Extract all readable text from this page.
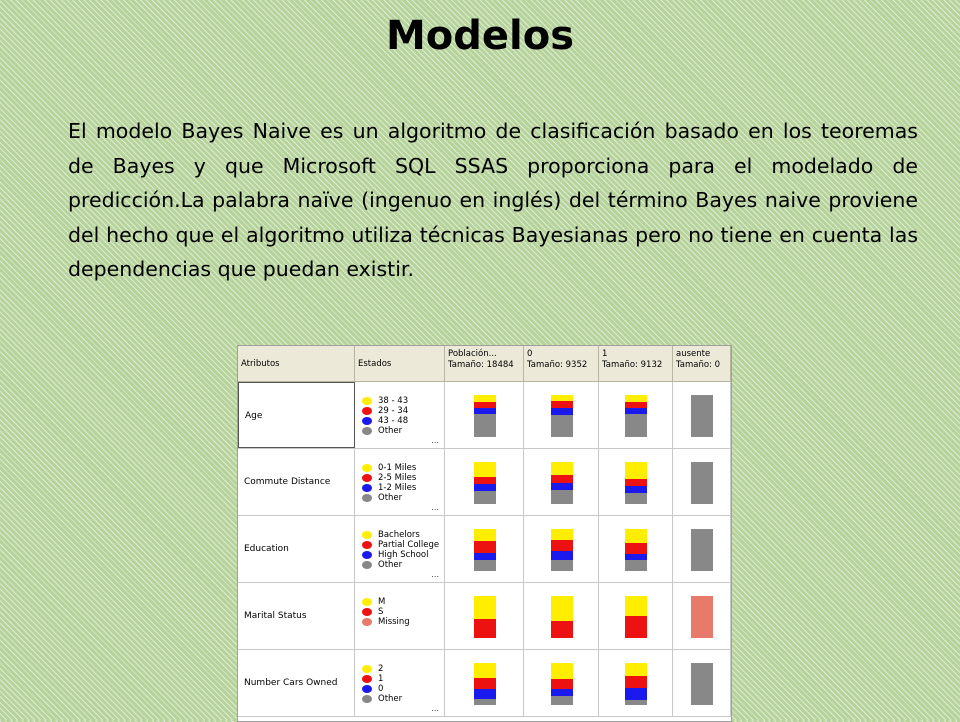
Modelos
El modelo Bayes Naive es un algoritmo de clasificación basado en los teoremas de Bayes y que Microsoft SQL SSAS proporciona para el modelado de predicción.La palabra naïve (ingenuo en inglés) del término Bayes naive proviene del hecho que el algoritmo utiliza técnicas Bayesianas pero no tiene en cuenta las dependencias que puedan existir.
Atributos	Estados
Población...
Tamaño: 18484
0
Tamaño: 9352
1
Tamaño: 9132
ausente
Tamaño: 0
Age
38 - 43
29 - 34
43 - 48
Other
...
Commute Distance
0-1 Miles
2-5 Miles
1-2 Miles
Other
...
Education
Bachelors
Partial College
High School
Other
...
Marital Status
M
S
Missing
Number Cars Owned
2
1
0
Other
...
